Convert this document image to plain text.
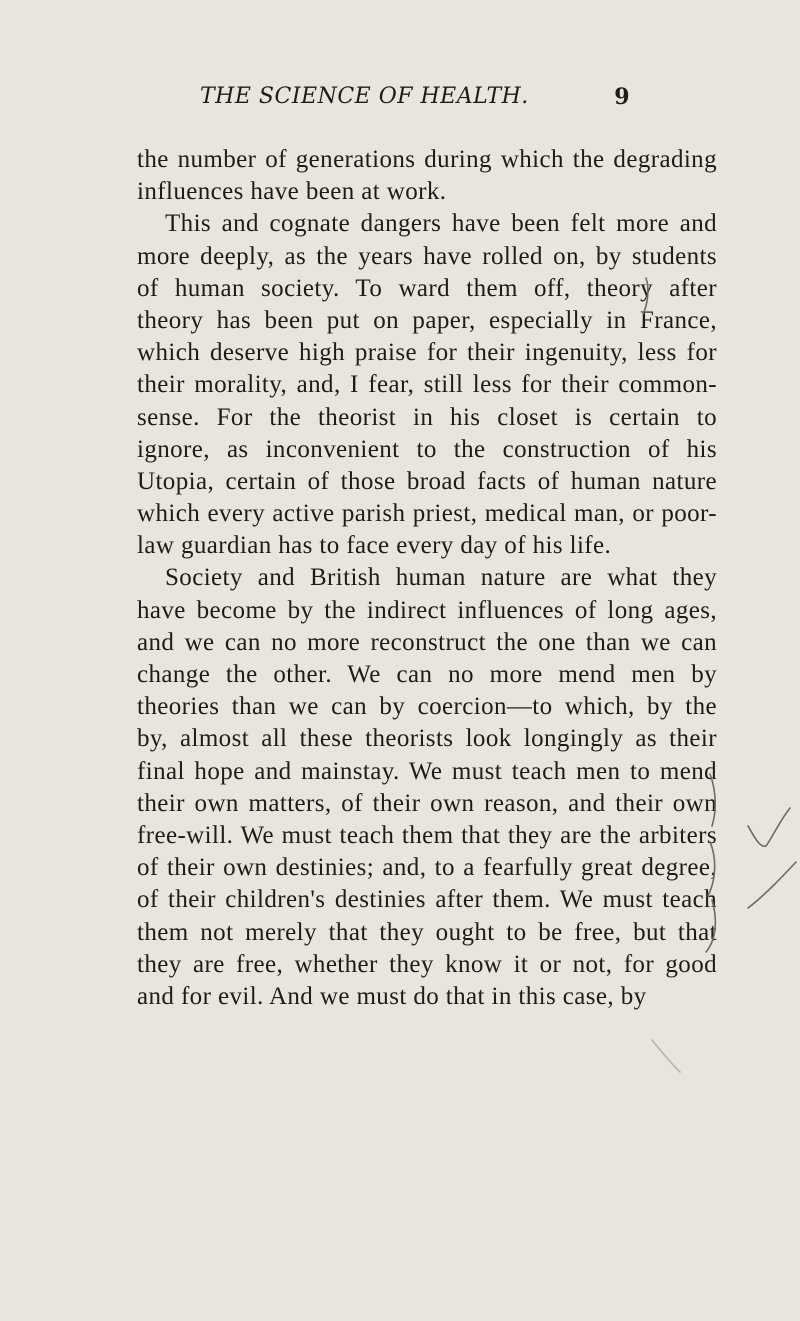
THE SCIENCE OF HEALTH.	9
the number of generations during which the degrading
influences have been at work.
This and cognate dangers have been felt more and
more deeply, as the years have rolled on, by students
of human society. To ward them off, theory after
theory has been put on paper, especially in France,
which deserve high praise for their ingenuity, less for
their morality, and, I fear, still less for their common-
sense. For the theorist in his closet is certain to
ignore, as inconvenient to the construction of his
Utopia, certain of those broad facts of human nature
which every active parish priest, medical man, or poor-
law guardian has to face every day of his life.
Society and British human nature are what they
have become by the indirect influences of long ages,
and we can no more reconstruct the one than we can
change the other. We can no more mend men by
theories than we can by coercion—to which, by the
by, almost all these theorists look longingly as their
final hope and mainstay. We must teach men to mend
their own matters, of their own reason, and their own
free-will. We must teach them that they are the arbiters
of their own destinies; and, to a fearfully great degree,
of their children's destinies after them. We must teach
them not merely that they ought to be free, but that
they are free, whether they know it or not, for good
and for evil. And we must do that in this case, by
